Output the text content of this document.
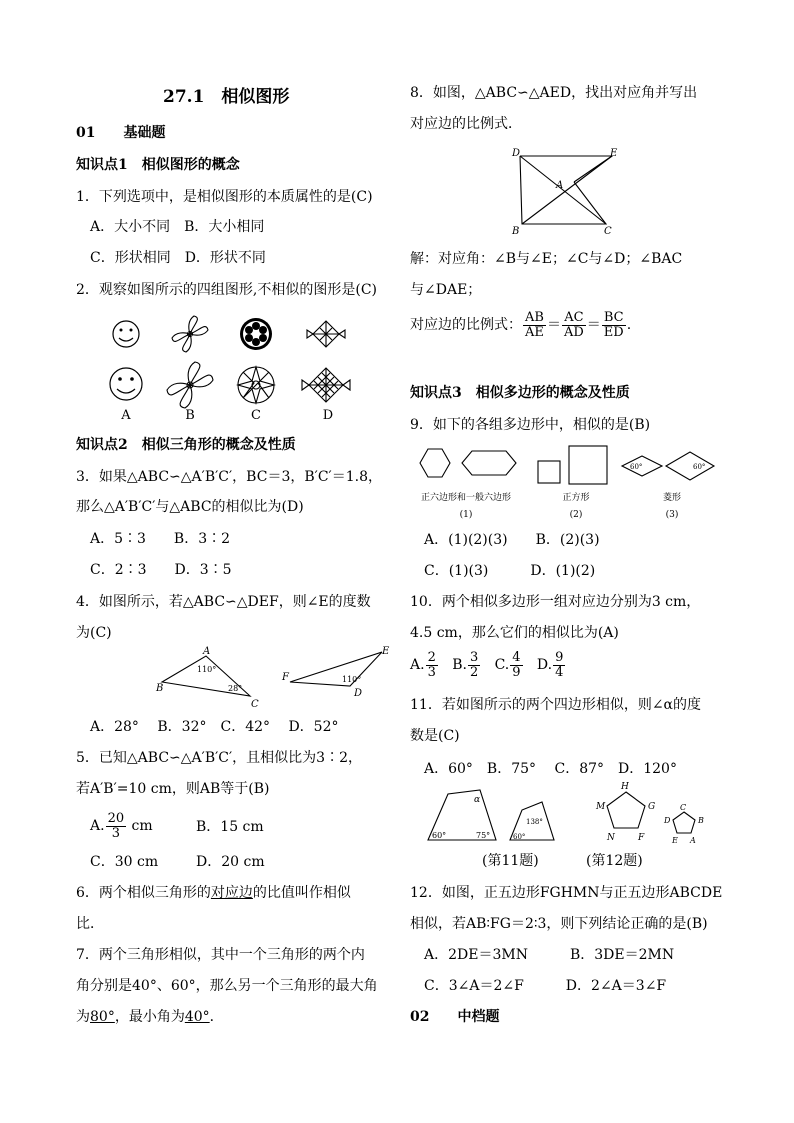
27.1　相似图形
01　　基础题
知识点1　相似图形的概念
1．下列选项中，是相似图形的本质属性的是(C)
A．大小不同　B．大小相同
C．形状相同　D．形状不同
2．观察如图所示的四组图形,不相似的图形是(C)
A	B	C	D
知识点2　相似三角形的概念及性质
3．如果△ABC∽△A′B′C′，BC＝3，B′C′＝1.8，
那么△A′B′C′与△ABC的相似比为(D)
A．5∶3　　B．3∶2
C．2∶3　　D．3∶5
4．如图所示，若△ABC∽△DEF，则∠E的度数
为(C)
B
A
C
110°
28°
F
E
D
110°
A．28°　 B．32°　C．42°　 D．52°
5．已知△ABC∽△A′B′C′，且相似比为3∶2，
若A′B′=10 cm，则AB等于(B)
A. $\frac{20}{3}$ cm	B．15 cm
C．30 cm	D．20 cm
6．两个相似三角形的对应边的比值叫作相似
比．
7．两个三角形相似，其中一个三角形的两个内
角分别是40°、60°，那么另一个三角形的最大角
为80°，最小角为40°．
8．如图，△ABC∽△AED，找出对应角并写出
对应边的比例式．
D	E
A
B	C
解：对应角：∠B与∠E；∠C与∠D；∠BAC
与∠DAE；
对应边的比例式： $\frac{AB}{AE} = \frac{AC}{AD} = \frac{BC}{ED}$ .
知识点3　相似多边形的概念及性质
9．如下的各组多边形中，相似的是(B)
60°	60°
正六边形和一般六边形	正方形	菱形
(1)	(2)	(3)
A．(1)(2)(3)　　B．(2)(3)
C．(1)(3)　　　D．(1)(2)
10．两个相似多边形一组对应边分别为3 cm，
4.5 cm，那么它们的相似比为(A)
A. $\frac{2}{3} B$. $\frac{3}{2} C$. $\frac{4}{9} D$. $\frac{9}{4}$
11．若如图所示的两个四边形相似，则∠α的度
数是(C)
A．60°　B．75°　 C．87°　D．120°
α
60°	75°
138°
60°
H
G
M
N	F
C
B
D
E A
(第11题)	(第12题)
12．如图，正五边形FGHMN与正五边形ABCDE
相似，若AB∶FG＝2∶3，则下列结论正确的是(B)
A．2DE＝3MN　　　B．3DE＝2MN
C．3∠A＝2∠F　　　D．2∠A＝3∠F
02　　中档题
